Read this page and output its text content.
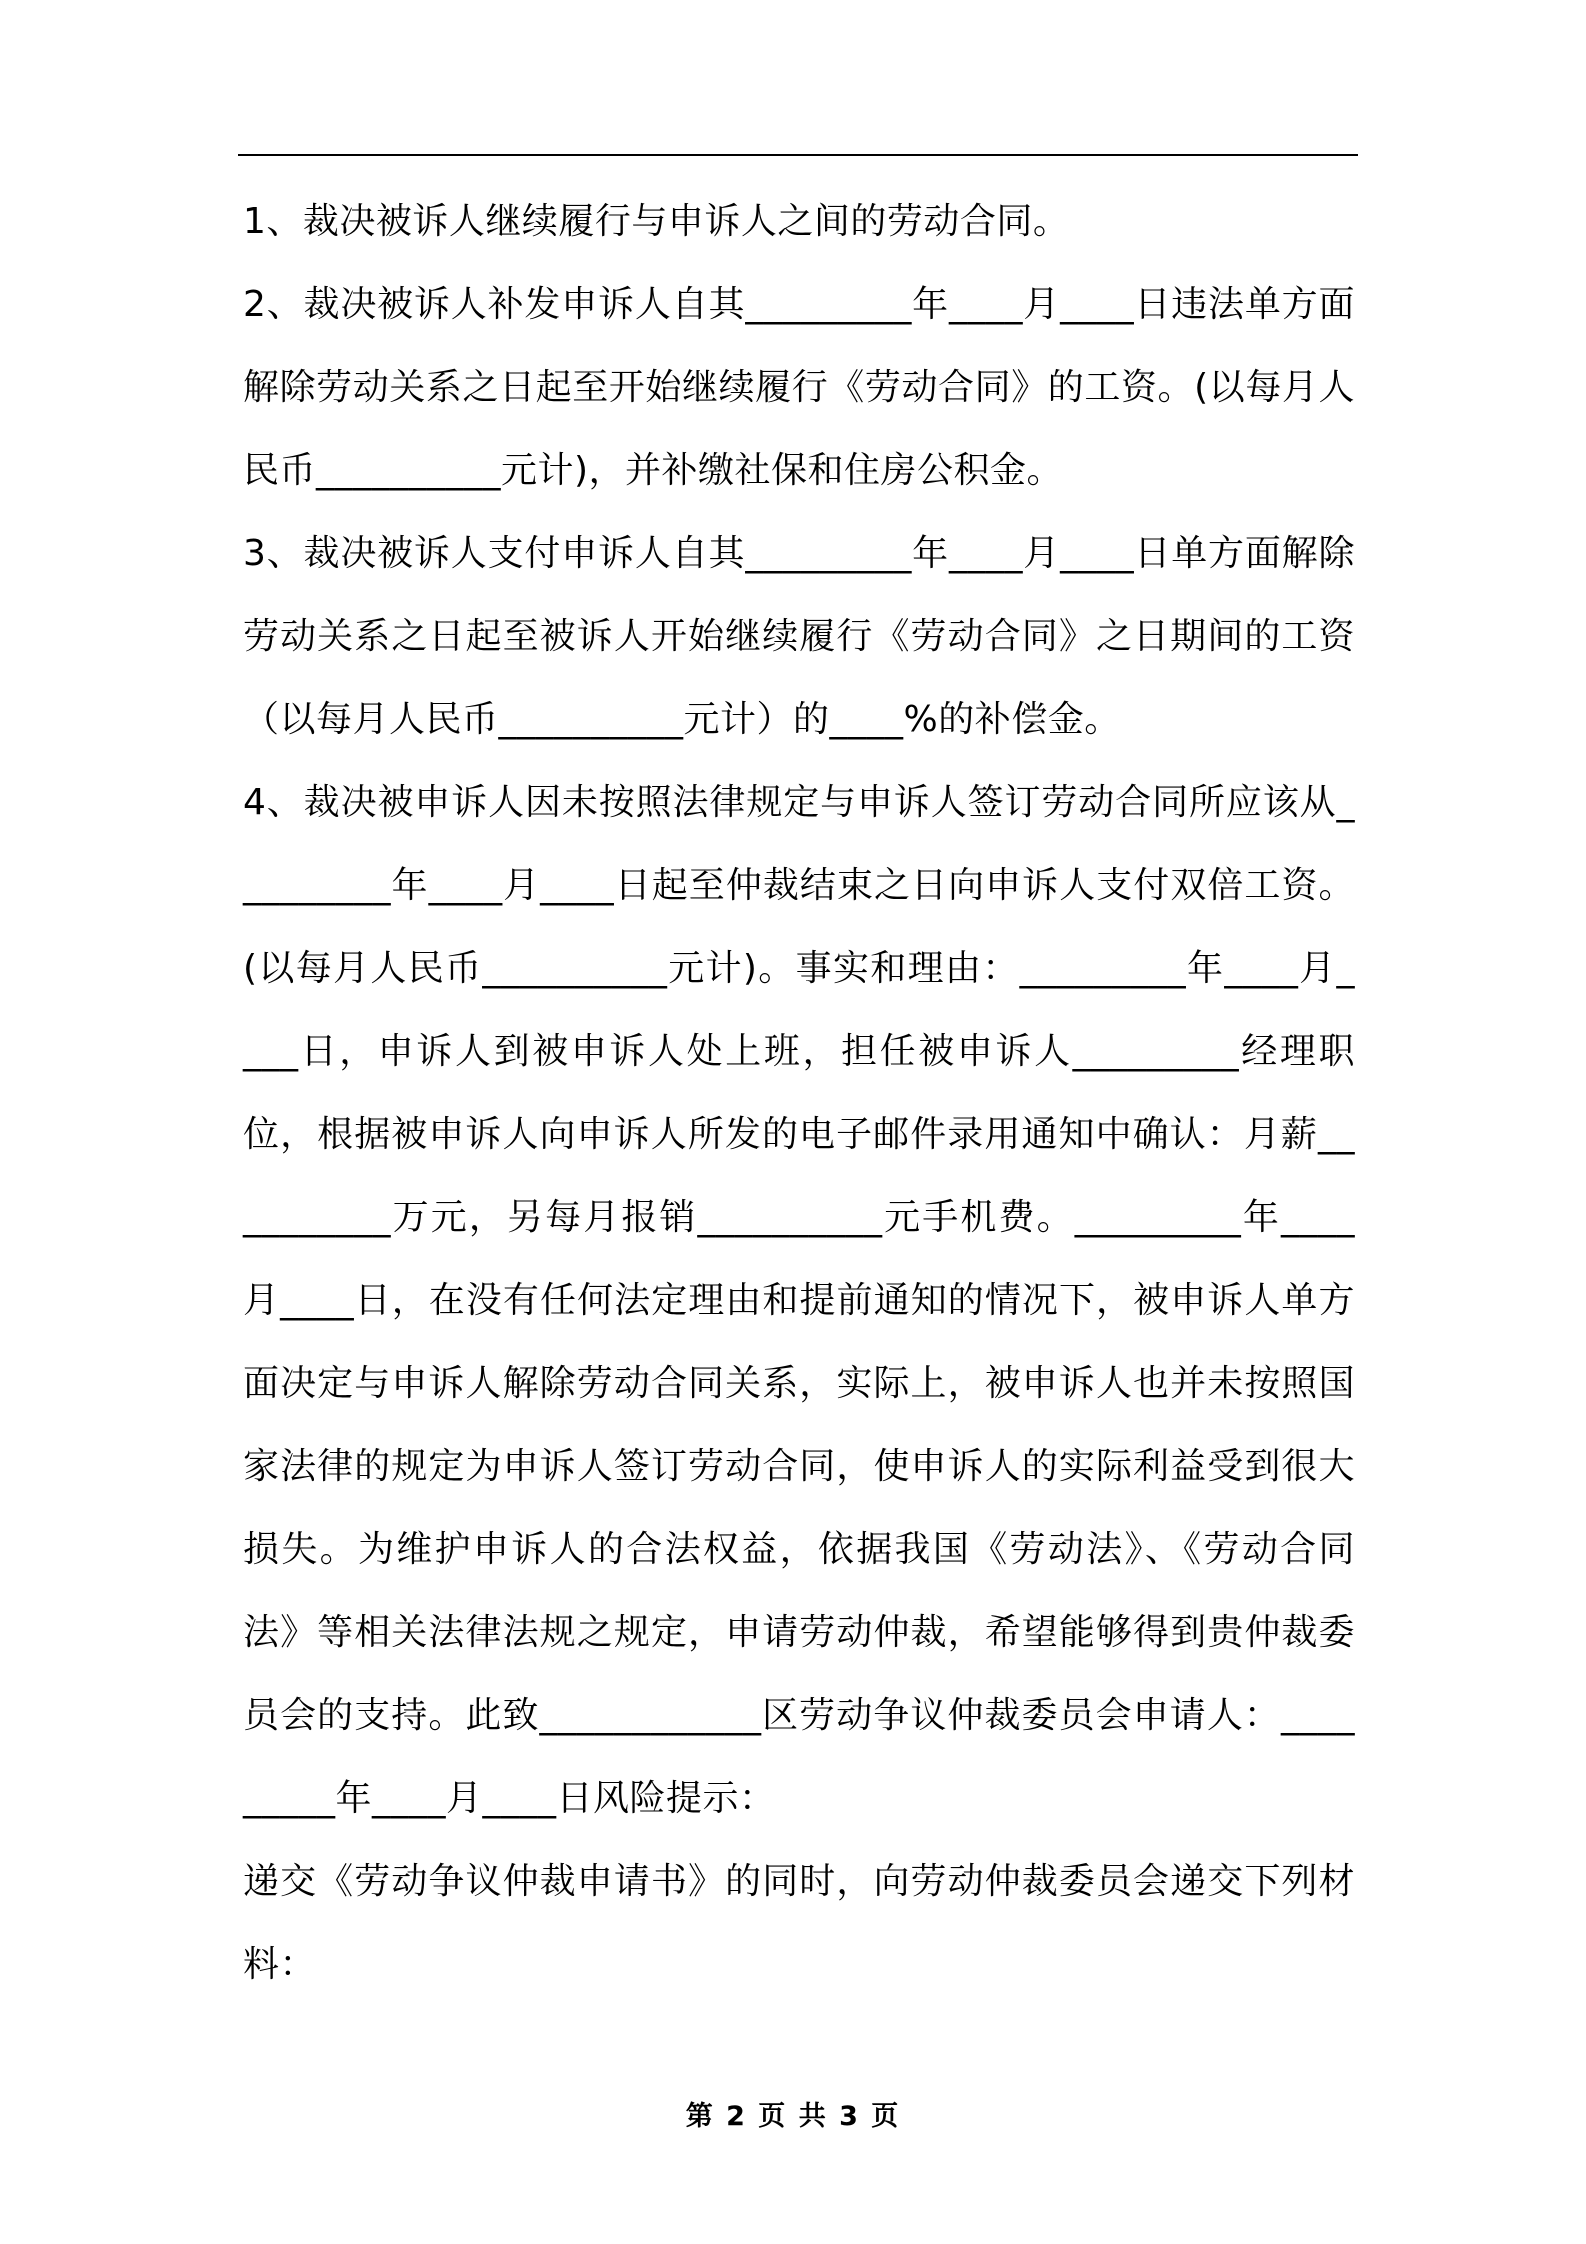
1、裁决被诉人继续履行与申诉人之间的劳动合同。

2、裁决被诉人补发申诉人自其_________年____月____日违法单方面解除劳动关系之日起至开始继续履行《劳动合同》的工资。(以每月人民币__________元计)，并补缴社保和住房公积金。

3、裁决被诉人支付申诉人自其_________年____月____日单方面解除劳动关系之日起至被诉人开始继续履行《劳动合同》之日期间的工资（以每月人民币__________元计）的____%的补偿金。

4、裁决被申诉人因未按照法律规定与申诉人签订劳动合同所应该从_________年____月____日起至仲裁结束之日向申诉人支付双倍工资。(以每月人民币__________元计)。事实和理由：_________年____月____日，申诉人到被申诉人处上班，担任被申诉人_________经理职位，根据被申诉人向申诉人所发的电子邮件录用通知中确认：月薪__________万元，另每月报销__________元手机费。_________年____月____日，在没有任何法定理由和提前通知的情况下，被申诉人单方面决定与申诉人解除劳动合同关系，实际上，被申诉人也并未按照国家法律的规定为申诉人签订劳动合同，使申诉人的实际利益受到很大损失。为维护申诉人的合法权益，依据我国《劳动法》、《劳动合同法》等相关法律法规之规定，申请劳动仲裁，希望能够得到贵仲裁委员会的支持。此致____________区劳动争议仲裁委员会申请人：_________年____月____日风险提示：

递交《劳动争议仲裁申请书》的同时，向劳动仲裁委员会递交下列材料：

第 2 页 共 3 页
